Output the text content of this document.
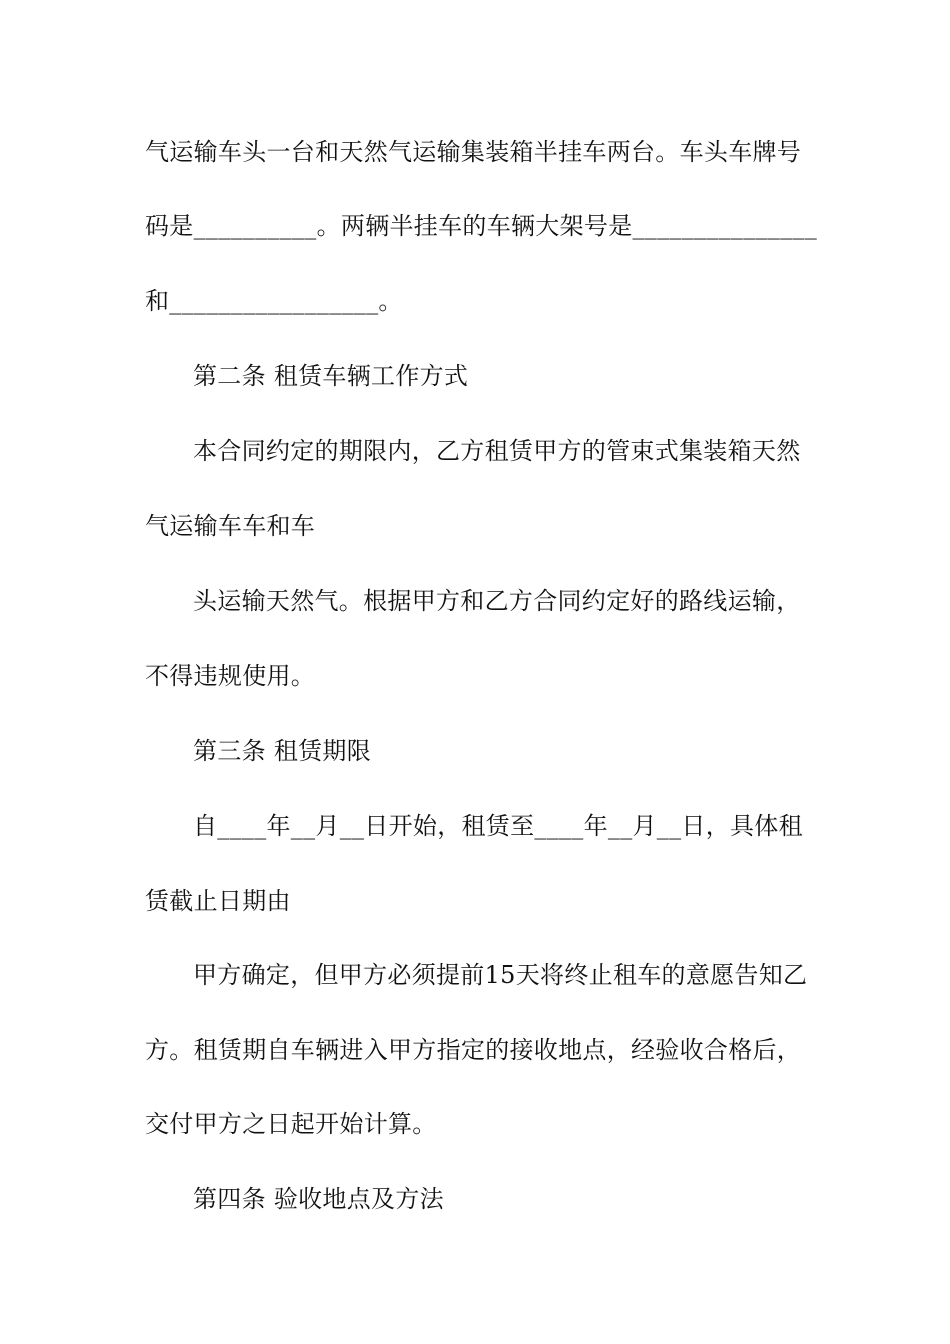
气运输车头一台和天然气运输集装箱半挂车两台。车头车牌号
码是__________。两辆半挂车的车辆大架号是_______________
和_________________。
第二条 租赁车辆工作方式
本合同约定的期限内，乙方租赁甲方的管束式集装箱天然
气运输车车和车
头运输天然气。根据甲方和乙方合同约定好的路线运输，
不得违规使用。
第三条 租赁期限
自____年__月__日开始，租赁至____年__月__日，具体租
赁截止日期由
甲方确定，但甲方必须提前15天将终止租车的意愿告知乙
方。租赁期自车辆进入甲方指定的接收地点，经验收合格后，
交付甲方之日起开始计算。
第四条 验收地点及方法
